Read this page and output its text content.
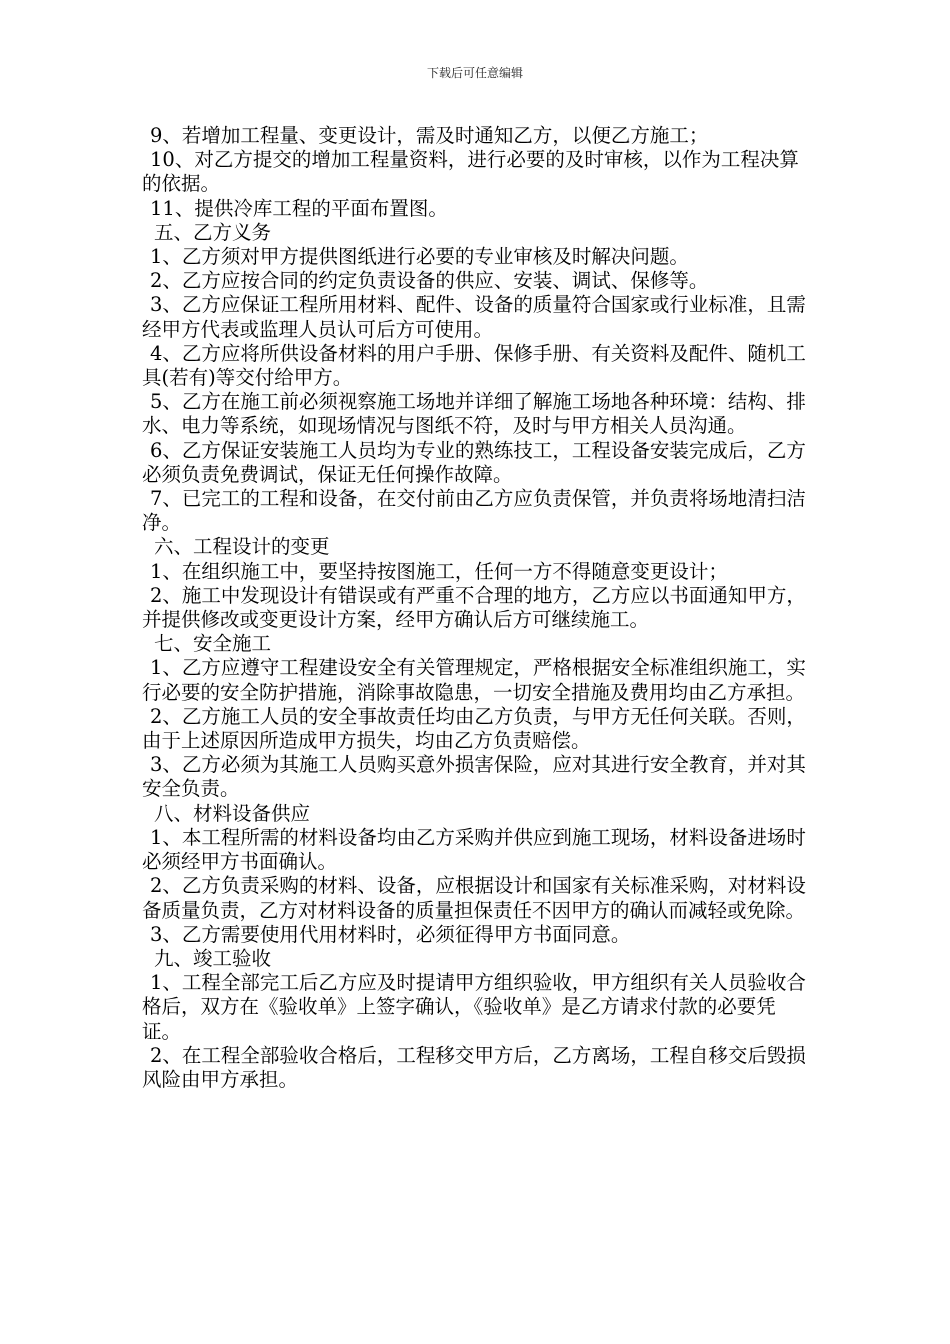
下载后可任意编辑

9、若增加工程量、变更设计，需及时通知乙方，以便乙方施工；

10、对乙方提交的增加工程量资料，进行必要的及时审核，以作为工程决算的依据。

11、提供冷库工程的平面布置图。

五、乙方义务

1、乙方须对甲方提供图纸进行必要的专业审核及时解决问题。

2、乙方应按合同的约定负责设备的供应、安装、调试、保修等。

3、乙方应保证工程所用材料、配件、设备的质量符合国家或行业标准，且需经甲方代表或监理人员认可后方可使用。

4、乙方应将所供设备材料的用户手册、保修手册、有关资料及配件、随机工具(若有)等交付给甲方。

5、乙方在施工前必须视察施工场地并详细了解施工场地各种环境：结构、排水、电力等系统，如现场情况与图纸不符，及时与甲方相关人员沟通。

6、乙方保证安装施工人员均为专业的熟练技工，工程设备安装完成后，乙方必须负责免费调试，保证无任何操作故障。

7、已完工的工程和设备，在交付前由乙方应负责保管，并负责将场地清扫洁净。

六、工程设计的变更

1、在组织施工中，要坚持按图施工，任何一方不得随意变更设计；

2、施工中发现设计有错误或有严重不合理的地方，乙方应以书面通知甲方，并提供修改或变更设计方案，经甲方确认后方可继续施工。

七、安全施工

1、乙方应遵守工程建设安全有关管理规定，严格根据安全标准组织施工，实行必要的安全防护措施，消除事故隐患，一切安全措施及费用均由乙方承担。

2、乙方施工人员的安全事故责任均由乙方负责，与甲方无任何关联。否则，由于上述原因所造成甲方损失，均由乙方负责赔偿。

3、乙方必须为其施工人员购买意外损害保险，应对其进行安全教育，并对其安全负责。

八、材料设备供应

1、本工程所需的材料设备均由乙方采购并供应到施工现场，材料设备进场时必须经甲方书面确认。

2、乙方负责采购的材料、设备，应根据设计和国家有关标准采购，对材料设备质量负责，乙方对材料设备的质量担保责任不因甲方的确认而减轻或免除。

3、乙方需要使用代用材料时，必须征得甲方书面同意。

九、竣工验收

1、工程全部完工后乙方应及时提请甲方组织验收，甲方组织有关人员验收合格后，双方在《验收单》上签字确认，《验收单》是乙方请求付款的必要凭证。

2、在工程全部验收合格后，工程移交甲方后，乙方离场，工程自移交后毁损风险由甲方承担。
